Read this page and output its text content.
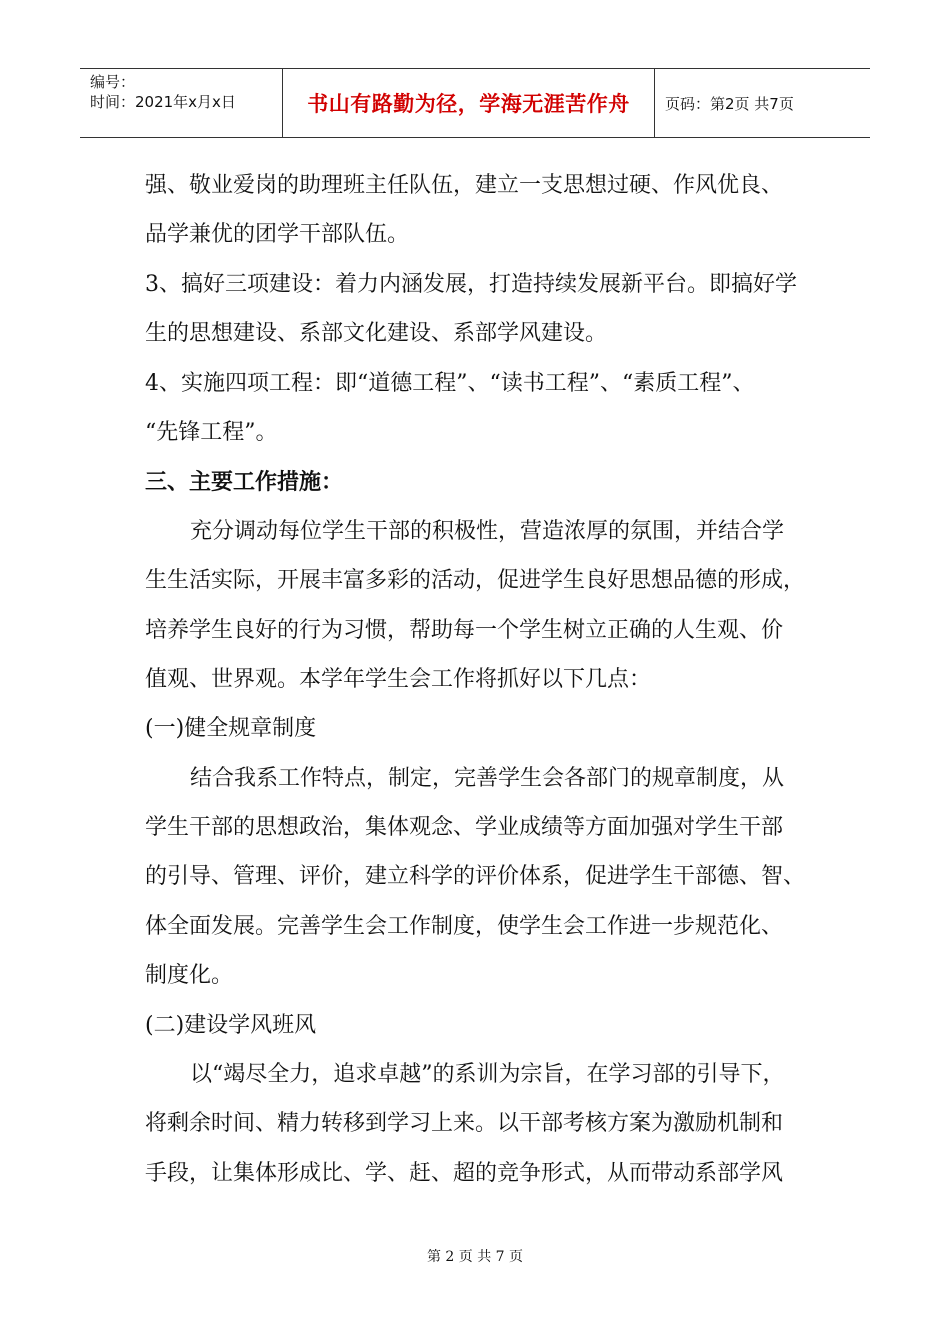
编号：
时间：2021年x月x日	书山有路勤为径，学海无涯苦作舟	页码：第2页 共7页
强、敬业爱岗的助理班主任队伍，建立一支思想过硬、作风优良、
品学兼优的团学干部队伍。
3、搞好三项建设：着力内涵发展，打造持续发展新平台。即搞好学
生的思想建设、系部文化建设、系部学风建设。
4、实施四项工程：即“道德工程”、“读书工程”、“素质工程”、
“先锋工程”。
三、主要工作措施：
充分调动每位学生干部的积极性，营造浓厚的氛围，并结合学
生生活实际，开展丰富多彩的活动，促进学生良好思想品德的形成，
培养学生良好的行为习惯，帮助每一个学生树立正确的人生观、价
值观、世界观。本学年学生会工作将抓好以下几点：
(一)健全规章制度
结合我系工作特点，制定，完善学生会各部门的规章制度，从
学生干部的思想政治，集体观念、学业成绩等方面加强对学生干部
的引导、管理、评价，建立科学的评价体系，促进学生干部德、智、
体全面发展。完善学生会工作制度，使学生会工作进一步规范化、
制度化。
(二)建设学风班风
以“竭尽全力，追求卓越”的系训为宗旨，在学习部的引导下，
将剩余时间、精力转移到学习上来。以干部考核方案为激励机制和
手段，让集体形成比、学、赶、超的竞争形式，从而带动系部学风
第 2 页 共 7 页
